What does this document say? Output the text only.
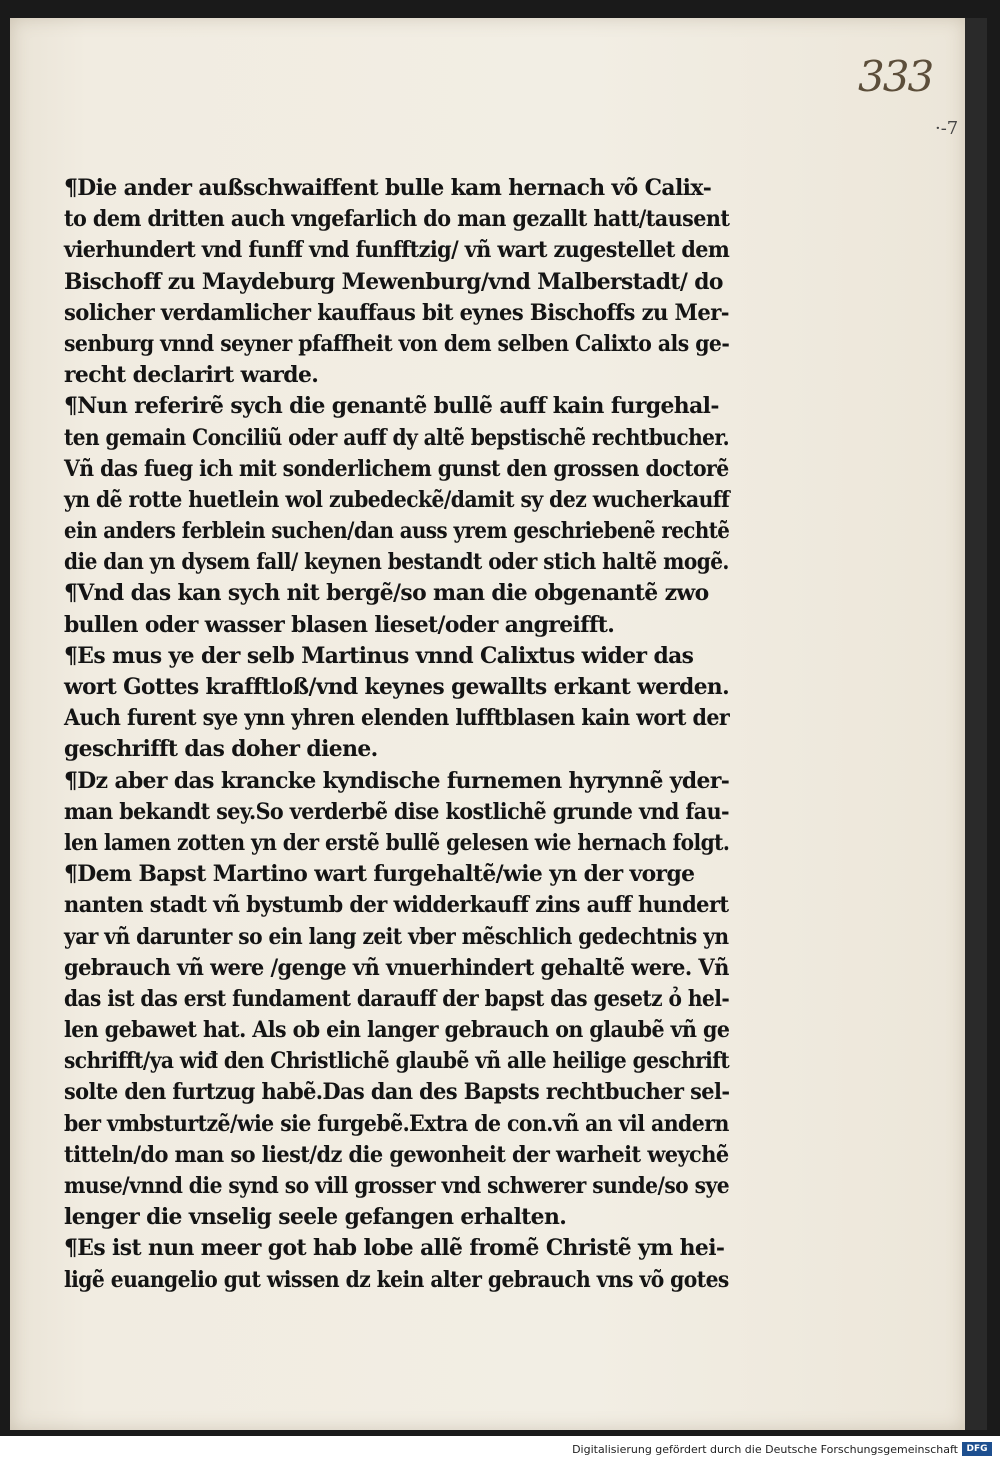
333
·-7
¶Die ander außschwaiffent bulle kam hernach võ Calix‑
to dem dritten auch vngefarlich do man gezallt hatt/tausent
vierhundert vnd funff vnd funfftzig/ vñ wart zugestellet dem
Bischoff zu Maydeburg Mewenburg/vnd Malberstadt/ do
solicher verdamlicher kauffaus bit eynes Bischoffs zu Mer‑
senburg vnnd seyner pfaffheit von dem selben Calixto als ge‑
recht declarirt warde.
¶Nun referirẽ sych die genantẽ bullẽ auff kain furgehal‑
ten gemain Conciliũ oder auff dy altẽ bepstischẽ rechtbucher.
Vñ das fueg ich mit sonderlichem gunst den grossen doctorẽ
yn dẽ rotte huetlein wol zubedeckẽ/damit sy dez wucherkauff
ein anders ferblein suchen/dan auss yrem geschriebenẽ rechtẽ
die dan yn dysem fall/ keynen bestandt oder stich haltẽ mogẽ.
¶Vnd das kan sych nit bergẽ/so man die obgenantẽ zwo
bullen oder wasser blasen lieset/oder angreifft.
¶Es mus ye der selb Martinus vnnd Calixtus wider das
wort Gottes krafftloß/vnd keynes gewallts erkant werden.
Auch furent sye ynn yhren elenden lufftblasen kain wort der
geschrifft das doher diene.
¶Dz aber das krancke kyndische furnemen hyrynnẽ yder‑
man bekandt sey.So verderbẽ dise kostlichẽ grunde vnd fau‑
len lamen zotten yn der erstẽ bullẽ gelesen wie hernach folgt.
¶Dem Bapst Martino wart furgehaltẽ/wie yn der vorge
nanten stadt vñ bystumb der widderkauff zins auff hundert
yar vñ darunter so ein lang zeit vber mẽschlich gedechtnis yn
gebrauch vñ were /genge vñ vnuerhindert gehaltẽ were. Vñ
das ist das erst fundament darauff der bapst das gesetz ỏ hel‑
len gebawet hat. Als ob ein langer gebrauch on glaubẽ vñ ge
schrifft/ya wiđ den Christlichẽ glaubẽ vñ alle heilige geschrift
solte den furtzug habẽ.Das dan des Bapsts rechtbucher sel‑
ber vmbsturtzẽ/wie sie furgebẽ.Extra de con.vñ an vil andern
titteln/do man so liest/dz die gewonheit der warheit weychẽ
muse/vnnd die synd so vill grosser vnd schwerer sunde/so sye
lenger die vnselig seele gefangen erhalten.
¶Es ist nun meer got hab lobe allẽ fromẽ Christẽ ym hei‑
ligẽ euangelio gut wissen dz kein alter gebrauch vns võ gotes
Digitalisierung gefördert durch die Deutsche Forschungsgemeinschaft DFG
